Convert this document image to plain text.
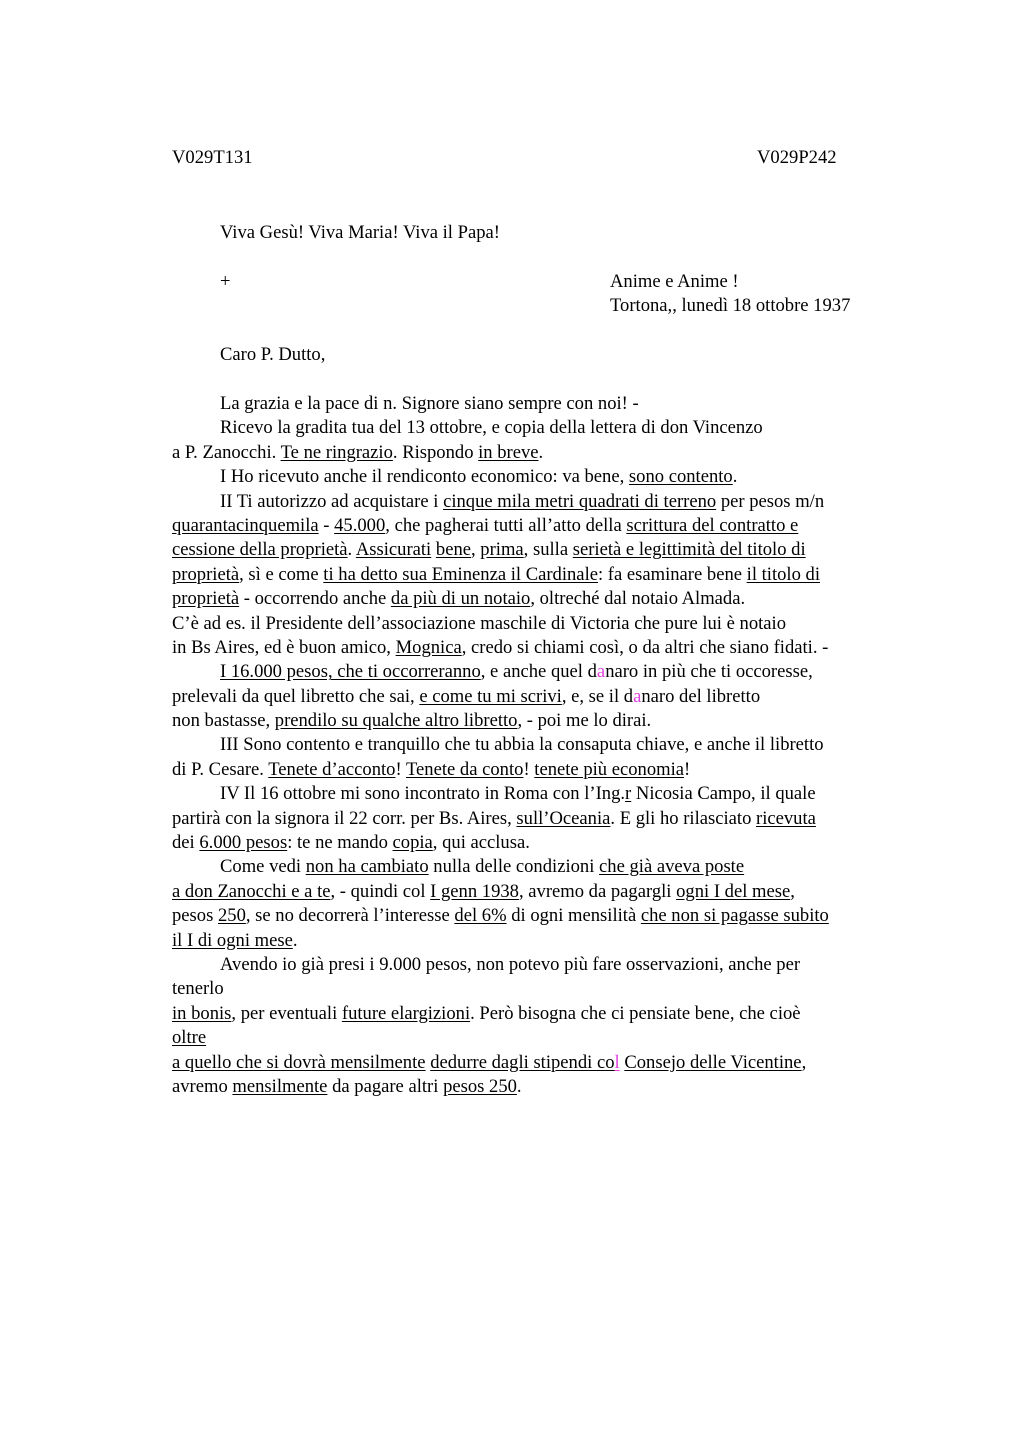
V029T131	V029P242
Viva Gesù! Viva Maria! Viva il Papa!
+	Anime e Anime !
Tortona,, lunedì 18 ottobre 1937
Caro P. Dutto,
La grazia e la pace di n. Signore siano sempre con noi! -
Ricevo la gradita tua del 13 ottobre, e copia della lettera di don Vincenzo
a P. Zanocchi. Te ne ringrazio. Rispondo in breve.
I Ho ricevuto anche il rendiconto economico: va bene, sono contento.
II Ti autorizzo ad acquistare i cinque mila metri quadrati di terreno per pesos m/n
quarantacinquemila - 45.000, che pagherai tutti all’atto della scrittura del contratto e
cessione della proprietà. Assicurati bene, prima, sulla serietà e legittimità del titolo di
proprietà, sì e come ti ha detto sua Eminenza il Cardinale: fa esaminare bene il titolo di
proprietà - occorrendo anche da più di un notaio, oltreché dal notaio Almada.
C’è ad es. il Presidente dell’associazione maschile di Victoria che pure lui è notaio
in Bs Aires, ed è buon amico, Mognica, credo si chiami così, o da altri che siano fidati. -
I 16.000 pesos, che ti occorreranno, e anche quel danaro in più che ti occoresse,
prelevali da quel libretto che sai, e come tu mi scrivi, e, se il danaro del libretto
non bastasse, prendilo su qualche altro libretto, - poi me lo dirai.
III Sono contento e tranquillo che tu abbia la consaputa chiave, e anche il libretto
di P. Cesare. Tenete d’acconto! Tenete da conto! tenete più economia!
IV Il 16 ottobre mi sono incontrato in Roma con l’Ing.r Nicosia Campo, il quale
partirà con la signora il 22 corr. per Bs. Aires, sull’Oceania. E gli ho rilasciato ricevuta
dei 6.000 pesos: te ne mando copia, qui acclusa.
Come vedi non ha cambiato nulla delle condizioni che già aveva poste
a don Zanocchi e a te, - quindi col I genn 1938, avremo da pagargli ogni I del mese,
pesos 250, se no decorrerà l’interesse del 6% di ogni mensilità che non si pagasse subito
il I di ogni mese.
Avendo io già presi i 9.000 pesos, non potevo più fare osservazioni, anche per
tenerlo
in bonis, per eventuali future elargizioni. Però bisogna che ci pensiate bene, che cioè
oltre
a quello che si dovrà mensilmente dedurre dagli stipendi col Consejo delle Vicentine,
avremo mensilmente da pagare altri pesos 250.
